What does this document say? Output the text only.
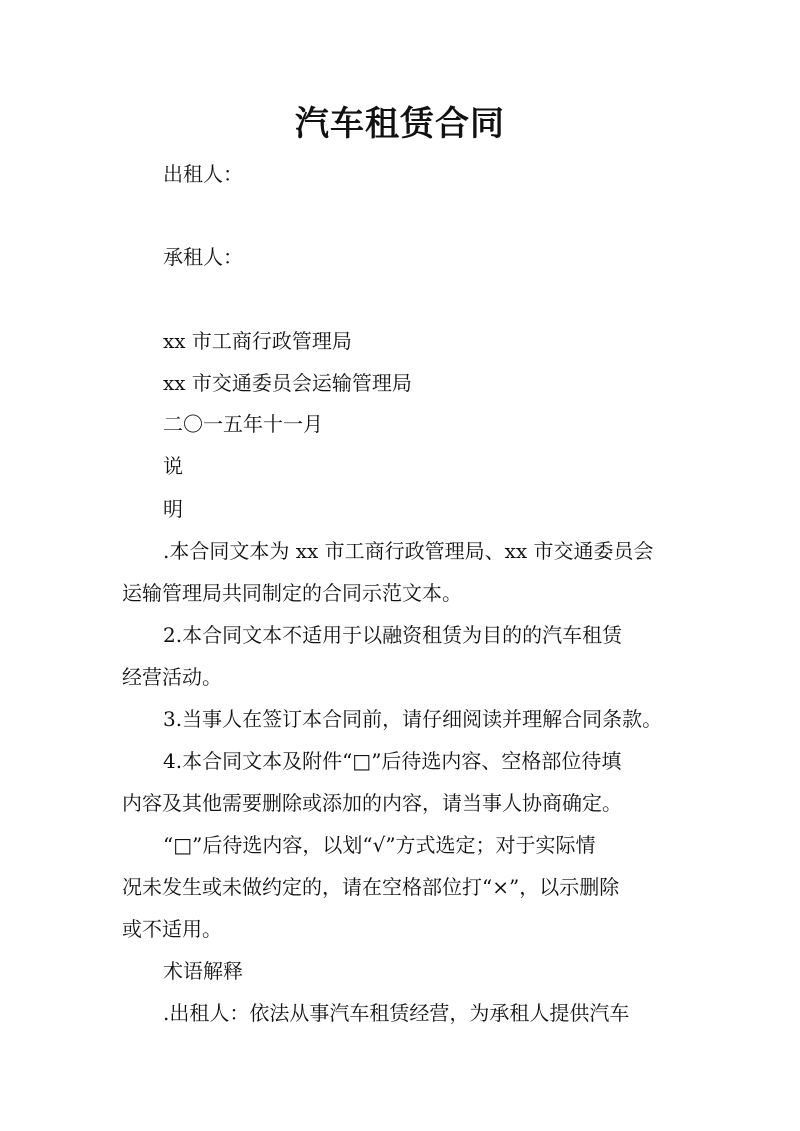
汽车租赁合同
出租人：
承租人：
xx 市工商行政管理局
xx 市交通委员会运输管理局
二〇一五年十一月
说
明
.本合同文本为 xx 市工商行政管理局、xx 市交通委员会
运输管理局共同制定的合同示范文本。
2.本合同文本不适用于以融资租赁为目的的汽车租赁
经营活动。
3.当事人在签订本合同前，请仔细阅读并理解合同条款。
4.本合同文本及附件“□”后待选内容、空格部位待填
内容及其他需要删除或添加的内容，请当事人协商确定。
“□”后待选内容，以划“√”方式选定；对于实际情
况未发生或未做约定的，请在空格部位打“×”，以示删除
或不适用。
术语解释
.出租人：依法从事汽车租赁经营，为承租人提供汽车
